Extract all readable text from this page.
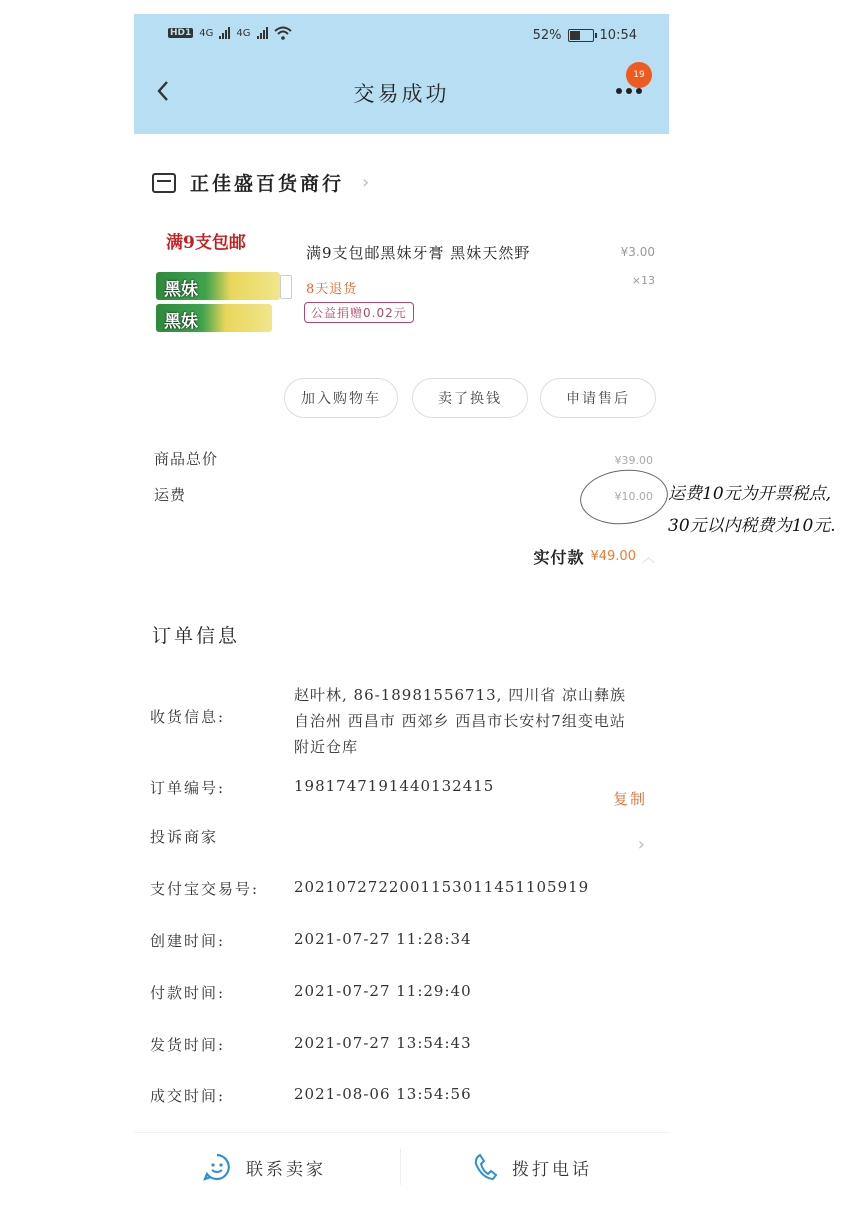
HD1 4G 4G	52%	10:54
交易成功
19
正佳盛百货商行 ›
满9支包邮
黑妹
黑妹
满9支包邮黑妹牙膏 黑妹天然野	¥3.00
×13
8天退货
公益捐赠0.02元
加入购物车	卖了换钱	申请售后
商品总价	¥39.00
运费	¥10.00
实付款 ¥49.00 ︿
订单信息
收货信息:
赵叶林, 86-18981556713, 四川省 凉山彝族自治州 西昌市 西郊乡 西昌市长安村7组变电站附近仓库
订单编号:	1981747191440132415
复制
投诉商家	›
支付宝交易号: 2021072722001153011451105919
创建时间:	2021-07-27 11:28:34
付款时间:	2021-07-27 11:29:40
发货时间:	2021-07-27 13:54:43
成交时间:	2021-08-06 13:54:56
联系卖家	拨打电话
运费10元为开票税点,
30元以内税费为10元.
